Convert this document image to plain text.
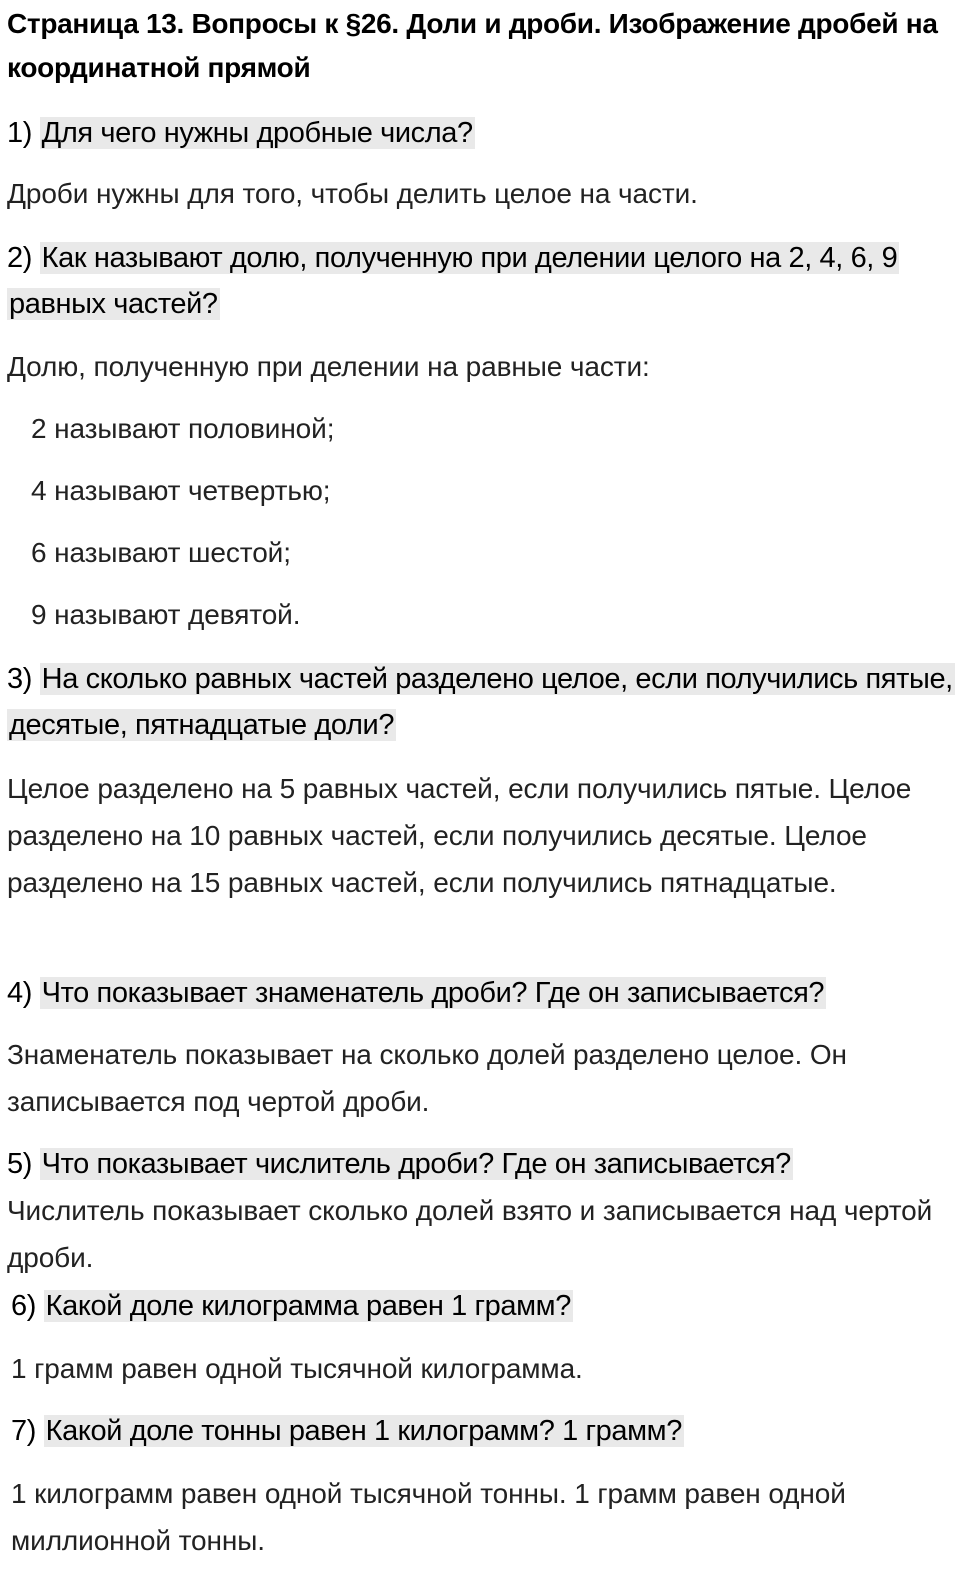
Страница 13. Вопросы к §26. Доли и дроби. Изображение дробей на координатной прямой
1) Для чего нужны дробные числа?
Дроби нужны для того, чтобы делить целое на части.
2) Как называют долю, полученную при делении целого на 2, 4, 6, 9 равных частей?
Долю, полученную при делении на равные части:
2 называют половиной;
4 называют четвертью;
6 называют шестой;
9 называют девятой.
3) На сколько равных частей разделено целое, если получились пятые, десятые, пятнадцатые доли?
Целое разделено на 5 равных частей, если получились пятые. Целое разделено на 10 равных частей, если получились десятые. Целое разделено на 15 равных частей, если получились пятнадцатые.
4) Что показывает знаменатель дроби? Где он записывается?
Знаменатель показывает на сколько долей разделено целое. Он записывается под чертой дроби.
5) Что показывает числитель дроби? Где он записывается?
Числитель показывает сколько долей взято и записывается над чертой дроби.
6) Какой доле килограмма равен 1 грамм?
1 грамм равен одной тысячной килограмма.
7) Какой доле тонны равен 1 килограмм? 1 грамм?
1 килограмм равен одной тысячной тонны. 1 грамм равен одной миллионной тонны.
